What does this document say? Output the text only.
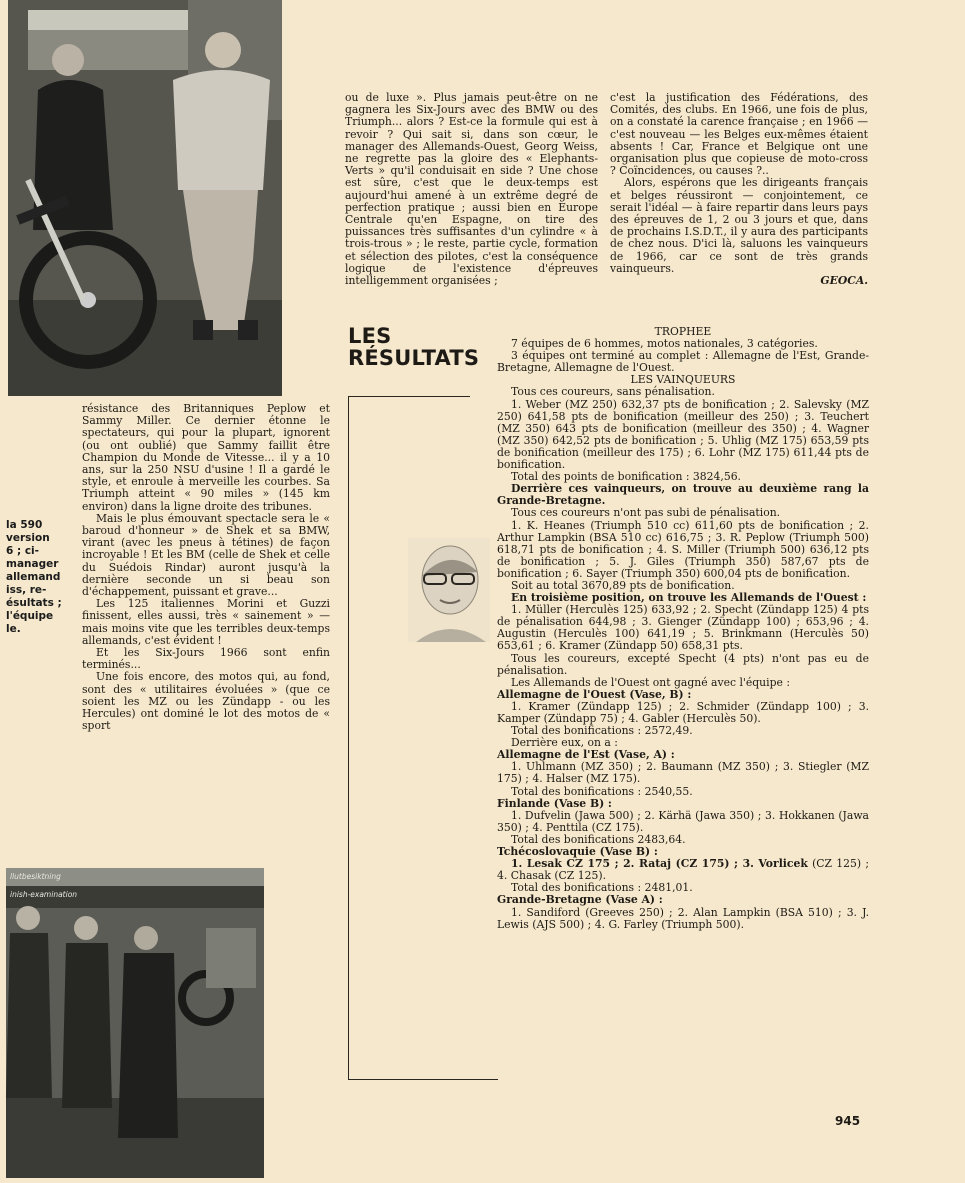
la 590
version
6 ; ci-
manager
allemand
iss, re-
ésultats ;
l'équipe
le.

résistance des Britanniques Peplow et Sammy Miller. Ce dernier étonne le spectateurs, qui pour la plupart, ignorent (ou ont oublié) que Sammy faillit être Champion du Monde de Vitesse... il y a 10 ans, sur la 250 NSU d'usine ! Il a gardé le style, et enroule à merveille les courbes. Sa Triumph atteint « 90 miles » (145 km environ) dans la ligne droite des tribunes.

Mais le plus émouvant spectacle sera le « baroud d'honneur » de Shek et sa BMW, virant (avec les pneus à tétines) de façon incroyable ! Et les BM (celle de Shek et celle du Suédois Rindar) auront jusqu'à la dernière seconde un si beau son d'échappement, puissant et grave...

Les 125 italiennes Morini et Guzzi finissent, elles aussi, très « sainement » — mais moins vite que les terribles deux-temps allemands, c'est évident !

Et les Six-Jours 1966 sont enfin terminés...

Une fois encore, des motos qui, au fond, sont des « utilitaires évoluées » (que ce soient les MZ ou les Zündapp - ou les Hercules) ont dominé le lot des motos de « sport

llutbesiktning
inish-examination

ou de luxe ». Plus jamais peut-être on ne gagnera les Six-Jours avec des BMW ou des Triumph... alors ? Est-ce la formule qui est à revoir ? Qui sait si, dans son cœur, le manager des Allemands-Ouest, Georg Weiss, ne regrette pas la gloire des « Elephants-Verts » qu'il conduisait en side ? Une chose est sûre, c'est que le deux-temps est aujourd'hui amené à un extrême degré de perfection pratique ; aussi bien en Europe Centrale qu'en Espagne, on tire des puissances très suffisantes d'un cylindre « à trois-trous » ; le reste, partie cycle, formation et sélection des pilotes, c'est la conséquence logique de l'existence d'épreuves intelligemment organisées ;

c'est la justification des Fédérations, des Comités, des clubs. En 1966, une fois de plus, on a constaté la carence française ; en 1966 — c'est nouveau — les Belges eux-mêmes étaient absents ! Car, France et Belgique ont une organisation plus que copieuse de moto-cross ? Coïncidences, ou causes ?..

Alors, espérons que les dirigeants français et belges réussiront — conjointement, ce serait l'idéal — à faire repartir dans leurs pays des épreuves de 1, 2 ou 3 jours et que, dans de prochains I.S.D.T., il y aura des participants de chez nous. D'ici là, saluons les vainqueurs de 1966, car ce sont de très grands vainqueurs.

GEOCA.

LES
RÉSULTATS

TROPHEE

7 équipes de 6 hommes, motos nationales, 3 catégories.

3 équipes ont terminé au complet : Allemagne de l'Est, Grande-Bretagne, Allemagne de l'Ouest.

LES VAINQUEURS

Tous ces coureurs, sans pénalisation.

1. Weber (MZ 250) 632,37 pts de bonification ; 2. Salevsky (MZ 250) 641,58 pts de bonification (meilleur des 250) ; 3. Teuchert (MZ 350) 643 pts de bonification (meilleur des 350) ; 4. Wagner (MZ 350) 642,52 pts de bonification ; 5. Uhlig (MZ 175) 653,59 pts de bonification (meilleur des 175) ; 6. Lohr (MZ 175) 611,44 pts de bonification.

Total des points de bonification : 3824,56.

Derrière ces vainqueurs, on trouve au deuxième rang la Grande-Bretagne.

Tous ces coureurs n'ont pas subi de pénalisation.

1. K. Heanes (Triumph 510 cc) 611,60 pts de bonification ; 2. Arthur Lampkin (BSA 510 cc) 616,75 ; 3. R. Peplow (Triumph 500) 618,71 pts de bonification ; 4. S. Miller (Triumph 500) 636,12 pts de bonification ; 5. J. Giles (Triumph 350) 587,67 pts de bonification ; 6. Sayer (Triumph 350) 600,04 pts de bonification.

Soit au total 3670,89 pts de bonification.

En troisième position, on trouve les Allemands de l'Ouest :

1. Müller (Herculès 125) 633,92 ; 2. Specht (Zündapp 125) 4 pts de pénalisation 644,98 ; 3. Gienger (Zündapp 100) ; 653,96 ; 4. Augustin (Herculès 100) 641,19 ; 5. Brinkmann (Herculès 50) 653,61 ; 6. Kramer (Zündapp 50) 658,31 pts.

Tous les coureurs, excepté Specht (4 pts) n'ont pas eu de pénalisation.

Les Allemands de l'Ouest ont gagné avec l'équipe :

Allemagne de l'Ouest (Vase, B) :

1. Kramer (Zündapp 125) ; 2. Schmider (Zündapp 100) ; 3. Kamper (Zündapp 75) ; 4. Gabler (Herculès 50).

Total des bonifications : 2572,49.

Derrière eux, on a :

Allemagne de l'Est (Vase, A) :

1. Uhlmann (MZ 350) ; 2. Baumann (MZ 350) ; 3. Stiegler (MZ 175) ; 4. Halser (MZ 175).

Total des bonifications : 2540,55.

Finlande (Vase B) :

1. Dufvelin (Jawa 500) ; 2. Kärhä (Jawa 350) ; 3. Hokkanen (Jawa 350) ; 4. Penttila (CZ 175).

Total des bonifications 2483,64.

Tchécoslovaquie (Vase B) :

1. Lesak CZ 175 ; 2. Rataj (CZ 175) ; 3. Vorlicek (CZ 125) ; 4. Chasak (CZ 125).

Total des bonifications : 2481,01.

Grande-Bretagne (Vase A) :

1. Sandiford (Greeves 250) ; 2. Alan Lampkin (BSA 510) ; 3. J. Lewis (AJS 500) ; 4. G. Farley (Triumph 500).

945
